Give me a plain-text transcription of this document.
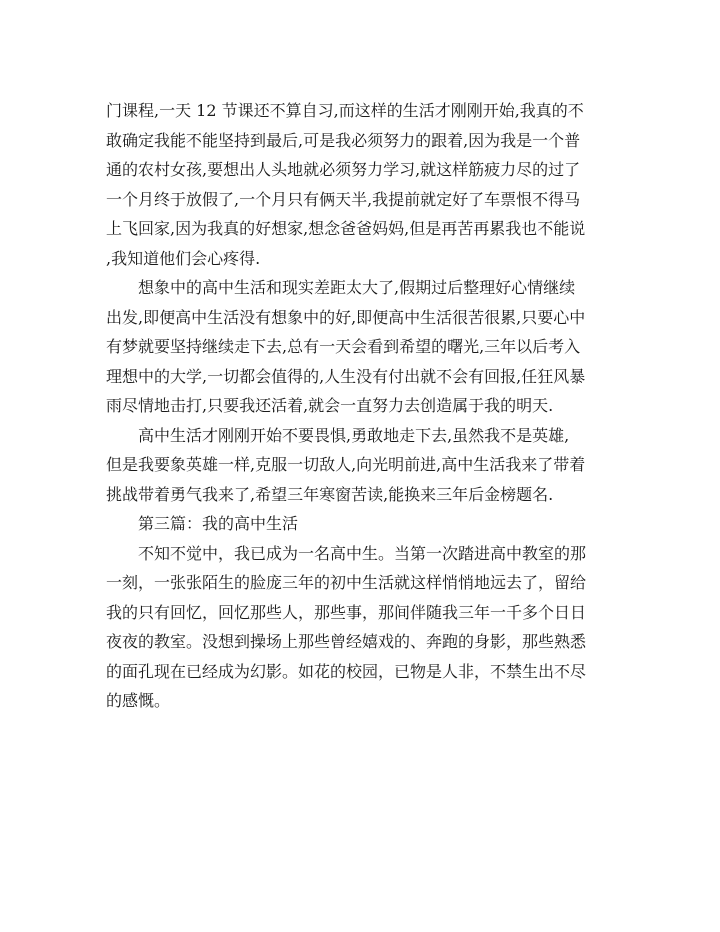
门课程,一天 12 节课还不算自习,而这样的生活才刚刚开始,我真的不
敢确定我能不能坚持到最后,可是我必须努力的跟着,因为我是一个普
通的农村女孩,要想出人头地就必须努力学习,就这样筋疲力尽的过了
一个月终于放假了,一个月只有俩天半,我提前就定好了车票恨不得马
上飞回家,因为我真的好想家,想念爸爸妈妈,但是再苦再累我也不能说
,我知道他们会心疼得.
想象中的高中生活和现实差距太大了,假期过后整理好心情继续
出发,即便高中生活没有想象中的好,即便高中生活很苦很累,只要心中
有梦就要坚持继续走下去,总有一天会看到希望的曙光,三年以后考入
理想中的大学,一切都会值得的,人生没有付出就不会有回报,任狂风暴
雨尽情地击打,只要我还活着,就会一直努力去创造属于我的明天.
高中生活才刚刚开始不要畏惧,勇敢地走下去,虽然我不是英雄,
但是我要象英雄一样,克服一切敌人,向光明前进,高中生活我来了带着
挑战带着勇气我来了,希望三年寒窗苦读,能换来三年后金榜题名.
第三篇：我的高中生活
不知不觉中，我已成为一名高中生。当第一次踏进高中教室的那
一刻，一张张陌生的脸庞三年的初中生活就这样悄悄地远去了，留给
我的只有回忆，回忆那些人，那些事，那间伴随我三年一千多个日日
夜夜的教室。没想到操场上那些曾经嬉戏的、奔跑的身影，那些熟悉
的面孔现在已经成为幻影。如花的校园，已物是人非，不禁生出不尽
的感慨。
